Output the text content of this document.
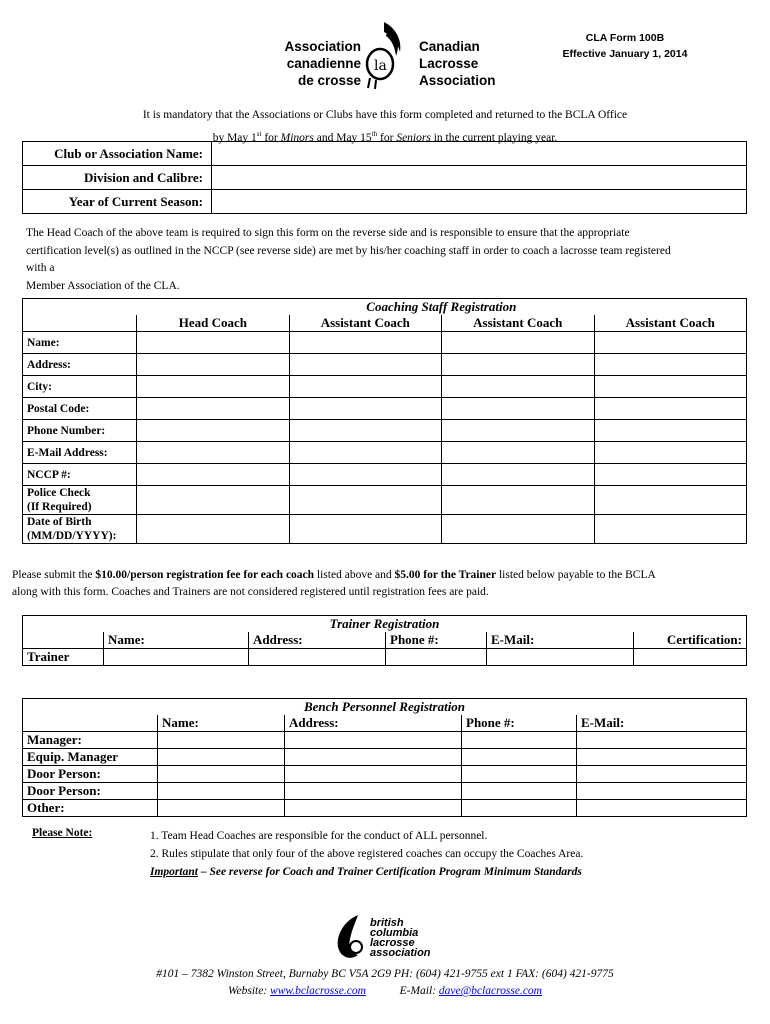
Association
canadienne
de crosse
la
Canadian
Lacrosse
Association
CLA Form 100B
Effective January 1, 2014
It is mandatory that the Associations or Clubs have this form completed and returned to the BCLA Office
by May 1st for Minors and May 15th for Seniors in the current playing year.
Club or Association Name:	
Division and Calibre:	
Year of Current Season:	
The Head Coach of the above team is required to sign this form on the reverse side and is responsible to ensure that the appropriate
certification level(s) as outlined in the NCCP (see reverse side) are met by his/her coaching staff in order to coach a lacrosse team registered
with a
Member Association of the CLA.
	Coaching Staff Registration			
	Head Coach	Assistant Coach	Assistant Coach	Assistant Coach
Name:				
Address:				
City:				
Postal Code:				
Phone Number:				
E-Mail Address:				
NCCP #:				

Police Check
(If Required)				

Date of Birth
(MM/DD/YYYY):				

Please submit the $10.00/person registration fee for each coach listed above and $5.00 for the Trainer listed below payable to the BCLA
along with this form. Coaches and Trainers are not considered registered until registration fees are paid.
Trainer Registration					
	Name:	Address:	Phone #:	E-Mail:	Certification:
Trainer					
Bench Personnel Registration				
	Name:	Address:	Phone #:	E-Mail:
Manager:				
Equip. Manager				
Door Person:				
Door Person:				
Other:				
Please Note:	1. Team Head Coaches are responsible for the conduct of ALL personnel.
2. Rules stipulate that only four of the above registered coaches can occupy the Coaches Area.
Important – See reverse for Coach and Trainer Certification Program Minimum Standards
british
columbia
lacrosse
association
#101 – 7382 Winston Street, Burnaby BC V5A 2G9 PH: (604) 421-9755 ext 1 FAX: (604) 421-9775
Website: www.bclacrosse.com	E-Mail: dave@bclacrosse.com
